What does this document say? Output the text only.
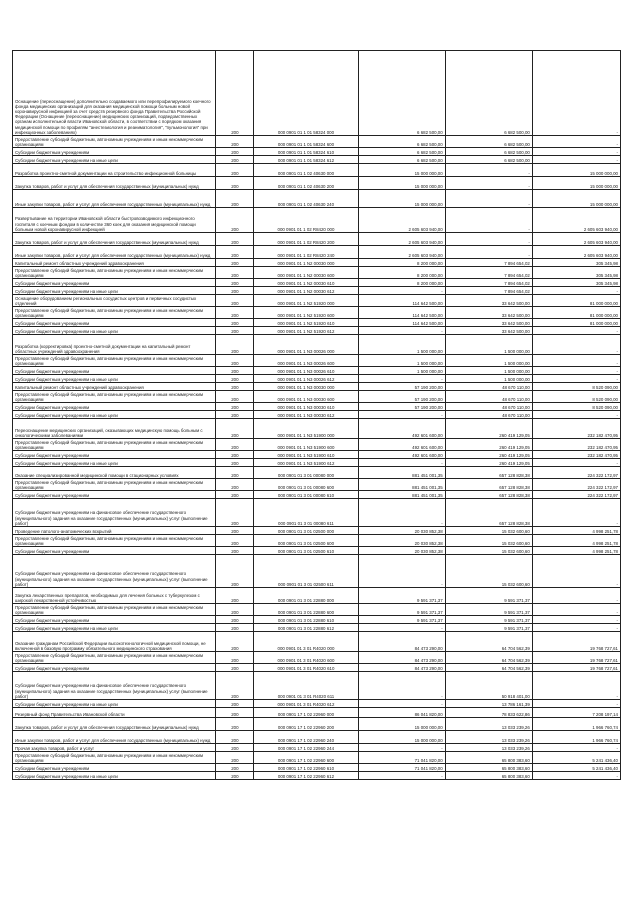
Оснащение (переоснащение) дополнительно создаваемого или перепрофилируемого коечного фонда медицинских организаций для оказания медицинской помощи больным новой коронавирусной инфекцией за счет средств резервного фонда Правительства Российской Федерации (Оснащение (переоснащение) медицинских организаций, подведомственных органам исполнительной власти Ивановской области, в соответствии с порядком оказания медицинской помощи по профилям "анестезиология и реаниматология", "пульмонология" при инфекционных заболеваниях)	200	000 0901 01 1 01 58324 000	6 682 500,00	6 682 500,00	-
Предоставление субсидий бюджетным, автономным учреждениям и иным некоммерческим организациям	200	000 0901 01 1 01 58324 600	6 682 500,00	6 682 500,00	-
Субсидии бюджетным учреждениям	200	000 0901 01 1 01 58324 610	6 682 500,00	6 682 500,00	-
Субсидии бюджетным учреждениям на иные цели	200	000 0901 01 1 01 58324 612	6 682 500,00	6 682 500,00	-
Разработка проектно-сметной документации на строительство инфекционной больницы	200	000 0901 01 1 02 40630 000	15 000 000,00	-	15 000 000,00
Закупка товаров, работ и услуг для обеспечения государственных (муниципальных) нужд	200	000 0901 01 1 02 40630 200	15 000 000,00	-	15 000 000,00
Иные закупки товаров, работ и услуг для обеспечения государственных (муниципальных) нужд	200	000 0901 01 1 02 40630 240	15 000 000,00	-	15 000 000,00
Развертывание на территории Ивановской области быстровозводимого инфекционного госпиталя с коечным фондом в количестве 360 коек для оказания медицинской помощи больным новой коронавирусной инфекцией	200	000 0901 01 1 02 R8420 000	2 605 603 940,00	-	2 605 603 940,00
Закупка товаров, работ и услуг для обеспечения государственных (муниципальных) нужд	200	000 0901 01 1 02 R8420 200	2 605 603 940,00	-	2 605 603 940,00
Иные закупки товаров, работ и услуг для обеспечения государственных (муниципальных) нужд	200	000 0901 01 1 02 R8420 240	2 605 603 940,00	-	2 605 603 940,00
Капитальный ремонт областных учреждений здравоохранения	200	000 0901 01 1 N2 00030 000	8 200 000,00	7 894 654,02	305 345,98
Предоставление субсидий бюджетным, автономным учреждениям и иным некоммерческим организациям	200	000 0901 01 1 N2 00030 600	8 200 000,00	7 894 654,02	305 345,98
Субсидии бюджетным учреждениям	200	000 0901 01 1 N2 00030 610	8 200 000,00	7 894 654,02	305 345,98
Субсидии бюджетным учреждениям на иные цели	200	000 0901 01 1 N2 00030 612	-	7 894 654,02	-
Оснащение оборудованием региональных сосудистых центров и первичных сосудистых отделений	200	000 0901 01 1 N2 51920 000	114 642 500,00	33 642 500,00	81 000 000,00
Предоставление субсидий бюджетным, автономным учреждениям и иным некоммерческим организациям	200	000 0901 01 1 N2 51920 600	114 642 500,00	33 642 500,00	81 000 000,00
Субсидии бюджетным учреждениям	200	000 0901 01 1 N2 51920 610	114 642 500,00	33 642 500,00	81 000 000,00
Субсидии бюджетным учреждениям на иные цели	200	000 0901 01 1 N2 51920 612	-	33 642 500,00	-
Разработка (корректировка) проектно-сметной документации на капитальный ремонт областных учреждений здравоохранения	200	000 0901 01 1 N3 00026 000	1 500 000,00	1 500 000,00	-
Предоставление субсидий бюджетным, автономным учреждениям и иным некоммерческим организациям	200	000 0901 01 1 N3 00026 600	1 500 000,00	1 500 000,00	-
Субсидии бюджетным учреждениям	200	000 0901 01 1 N3 00026 610	1 500 000,00	1 500 000,00	-
Субсидии бюджетным учреждениям на иные цели	200	000 0901 01 1 N3 00026 612	-	1 500 000,00	-
Капитальный ремонт областных учреждений здравоохранения	200	000 0901 01 1 N3 00030 000	57 190 200,00	48 670 110,00	8 520 090,00
Предоставление субсидий бюджетным, автономным учреждениям и иным некоммерческим организациям	200	000 0901 01 1 N3 00030 600	57 190 200,00	48 670 110,00	8 520 090,00
Субсидии бюджетным учреждениям	200	000 0901 01 1 N3 00030 610	57 190 200,00	48 670 110,00	8 520 090,00
Субсидии бюджетным учреждениям на иные цели	200	000 0901 01 1 N3 00030 612	-	48 670 110,00	-
Переоснащение медицинских организаций, оказывающих медицинскую помощь больным с онкологическими заболеваниями	200	000 0901 01 1 N3 51900 000	492 601 600,00	260 419 129,05	232 182 470,95
Предоставление субсидий бюджетным, автономным учреждениям и иным некоммерческим организациям	200	000 0901 01 1 N3 51900 600	492 601 600,00	260 419 129,05	232 182 470,95
Субсидии бюджетным учреждениям	200	000 0901 01 1 N3 51900 610	492 601 600,00	260 419 129,05	232 182 470,95
Субсидии бюджетным учреждениям на иные цели	200	000 0901 01 1 N3 51900 612	-	260 419 129,05	-
Оказание специализированной медицинской помощи в стационарных условиях	200	000 0901 01 3 01 00080 000	881 451 001,35	657 128 828,38	224 322 172,97
Предоставление субсидий бюджетным, автономным учреждениям и иным некоммерческим организациям	200	000 0901 01 3 01 00080 600	881 451 001,35	657 128 828,38	224 322 172,97
Субсидии бюджетным учреждениям	200	000 0901 01 3 01 00080 610	881 451 001,35	657 128 828,38	224 322 172,97
Субсидии бюджетным учреждениям на финансовое обеспечение государственного (муниципального) задания на оказание государственных (муниципальных) услуг (выполнение работ)	200	000 0901 01 3 01 00080 611	-	657 128 828,38	-
Проведение патолого-анатомических вскрытий	200	000 0901 01 3 01 02500 000	20 030 852,38	15 032 600,60	4 998 251,78
Предоставление субсидий бюджетным, автономным учреждениям и иным некоммерческим организациям	200	000 0901 01 3 01 02500 600	20 030 852,38	15 032 600,60	4 998 251,78
Субсидии бюджетным учреждениям	200	000 0901 01 3 01 02500 610	20 030 852,38	15 032 600,60	4 998 251,78
Субсидии бюджетным учреждениям на финансовое обеспечение государственного (муниципального) задания на оказание государственных (муниципальных) услуг (выполнение работ)	200	000 0901 01 3 01 02500 611	-	15 032 600,60	-
Закупка лекарственных препаратов, необходимых для лечения больных с туберкулезом с широкой лекарственной устойчивостью	200	000 0901 01 3 01 22880 000	9 591 371,37	9 591 371,37	-
Предоставление субсидий бюджетным, автономным учреждениям и иным некоммерческим организациям	200	000 0901 01 3 01 22880 600	9 591 371,37	9 591 371,37	-
Субсидии бюджетным учреждениям	200	000 0901 01 3 01 22880 610	9 591 371,37	9 591 371,37	-
Субсидии бюджетным учреждениям на иные цели	200	000 0901 01 3 01 22880 612	-	9 591 371,37	-
Оказание гражданам Российской Федерации высокотехнологичной медицинской помощи, не включенной в базовую программу обязательного медицинского страхования	200	000 0901 01 3 01 R4020 000	84 473 290,00	64 704 562,39	19 768 727,61
Предоставление субсидий бюджетным, автономным учреждениям и иным некоммерческим организациям	200	000 0901 01 3 01 R4020 600	84 473 290,00	64 704 562,39	19 768 727,61
Субсидии бюджетным учреждениям	200	000 0901 01 3 01 R4020 610	84 473 290,00	64 704 562,39	19 768 727,61
Субсидии бюджетным учреждениям на финансовое обеспечение государственного (муниципального) задания на оказание государственных (муниципальных) услуг (выполнение работ)	200	000 0901 01 3 01 R4020 611	-	50 918 401,00	-
Субсидии бюджетным учреждениям на иные цели	200	000 0901 01 3 01 R4020 612	-	13 786 161,39	-
Резервный фонд Правительства Ивановской области	200	000 0901 17 1 02 22960 000	86 041 820,00	78 833 622,86	7 208 197,14
Закупка товаров, работ и услуг для обеспечения государственных (муниципальных) нужд	200	000 0901 17 1 02 22960 200	15 000 000,00	13 033 239,26	1 966 760,74
Иные закупки товаров, работ и услуг для обеспечения государственных (муниципальных) нужд	200	000 0901 17 1 02 22960 240	15 000 000,00	13 033 239,26	1 966 760,74
Прочая закупка товаров, работ и услуг	200	000 0901 17 1 02 22960 244	-	13 033 239,26	-
Предоставление субсидий бюджетным, автономным учреждениям и иным некоммерческим организациям	200	000 0901 17 1 02 22960 600	71 041 820,00	65 800 383,60	5 241 436,40
Субсидии бюджетным учреждениям	200	000 0901 17 1 02 22960 610	71 041 820,00	65 800 383,60	5 241 436,40
Субсидии бюджетным учреждениям на иные цели	200	000 0901 17 1 02 22960 612	-	65 800 383,60	-
